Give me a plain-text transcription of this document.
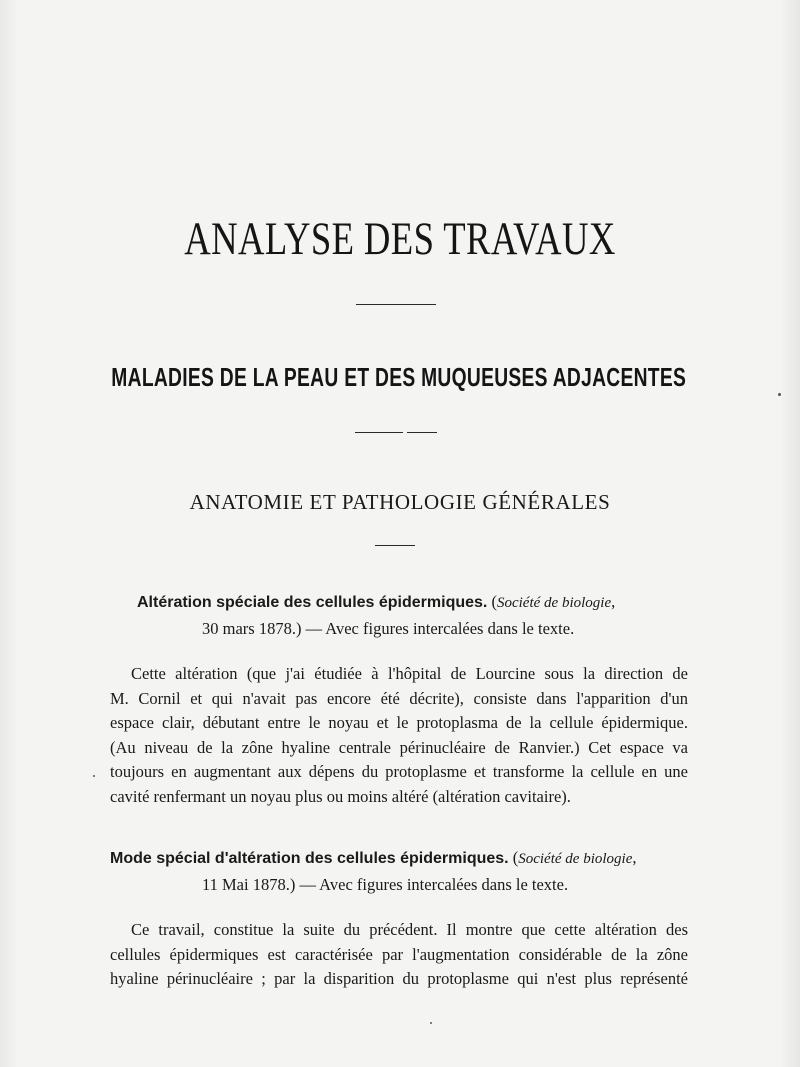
ANALYSE DES TRAVAUX
MALADIES DE LA PEAU ET DES MUQUEUSES ADJACENTES
ANATOMIE ET PATHOLOGIE GÉNÉRALES
Altération spéciale des cellules épidermiques. (Société de biologie,
30 mars 1878.) — Avec figures intercalées dans le texte.
Cette altération (que j'ai étudiée à l'hôpital de Lourcine sous la direction de
M. Cornil et qui n'avait pas encore été décrite), consiste dans l'apparition d'un
espace clair, débutant entre le noyau et le protoplasma de la cellule épidermique.
(Au niveau de la zône hyaline centrale périnucléaire de Ranvier.) Cet espace va
toujours en augmentant aux dépens du protoplasme et transforme la cellule en une
cavité renfermant un noyau plus ou moins altéré (altération cavitaire).
Mode spécial d'altération des cellules épidermiques. (Société de biologie,
11 Mai 1878.) — Avec figures intercalées dans le texte.
Ce travail, constitue la suite du précédent. Il montre que cette altération des
cellules épidermiques est caractérisée par l'augmentation considérable de la zône
hyaline périnucléaire ; par la disparition du protoplasme qui n'est plus représenté
